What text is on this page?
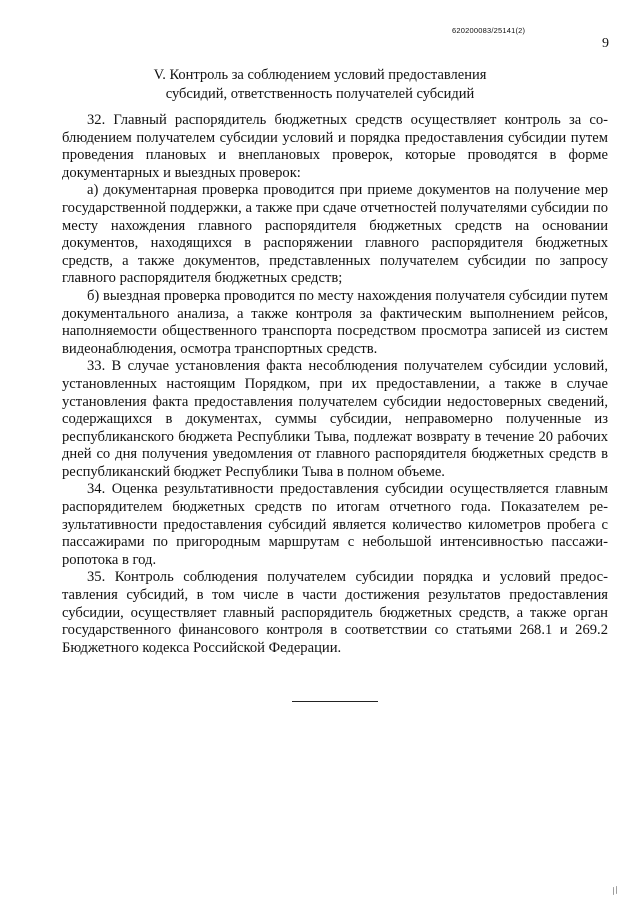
620200083/25141(2)
9
V. Контроль за соблюдением условий предоставления
субсидий, ответственность получателей субсидий

32. Главный распорядитель бюджетных средств осуществляет контроль за соблюдением получателем субсидии условий и порядка предоставления субсидии путем проведения плановых и внеплановых проверок, которые проводятся в форме документарных и выездных проверок:

а) документарная проверка проводится при приеме документов на получение мер государственной поддержки, а также при сдаче отчетностей получателями субсидии по месту нахождения главного распорядителя бюджетных средств на основании документов, находящихся в распоряжении главного распорядителя бюджетных средств, а также документов, представленных получателем субсидии по запросу главного распорядителя бюджетных средств;

б) выездная проверка проводится по месту нахождения получателя субсидии путем документального анализа, а также контроля за фактическим выполнением рейсов, наполняемости общественного транспорта посредством просмотра записей из систем видеонаблюдения, осмотра транспортных средств.

33. В случае установления факта несоблюдения получателем субсидии условий, установленных настоящим Порядком, при их предоставлении, а также в случае установления факта предоставления получателем субсидии недостоверных сведений, содержащихся в документах, суммы субсидии, неправомерно полученные из республиканского бюджета Республики Тыва, подлежат возврату в течение 20 рабочих дней со дня получения уведомления от главного распорядителя бюджетных средств в республиканский бюджет Республики Тыва в полном объеме.

34. Оценка результативности предоставления субсидии осуществляется главным распорядителем бюджетных средств по итогам отчетного года. Показателем результативности предоставления субсидий является количество километров пробега с пассажирами по пригородным маршрутам с небольшой интенсивностью пассажиропотока в год.

35. Контроль соблюдения получателем субсидии порядка и условий предоставления субсидий, в том числе в части достижения результатов предоставления субсидии, осуществляет главный распорядитель бюджетных средств, а также орган государственного финансового контроля в соответствии со статьями 268.1 и 269.2 Бюджетного кодекса Российской Федерации.

//
